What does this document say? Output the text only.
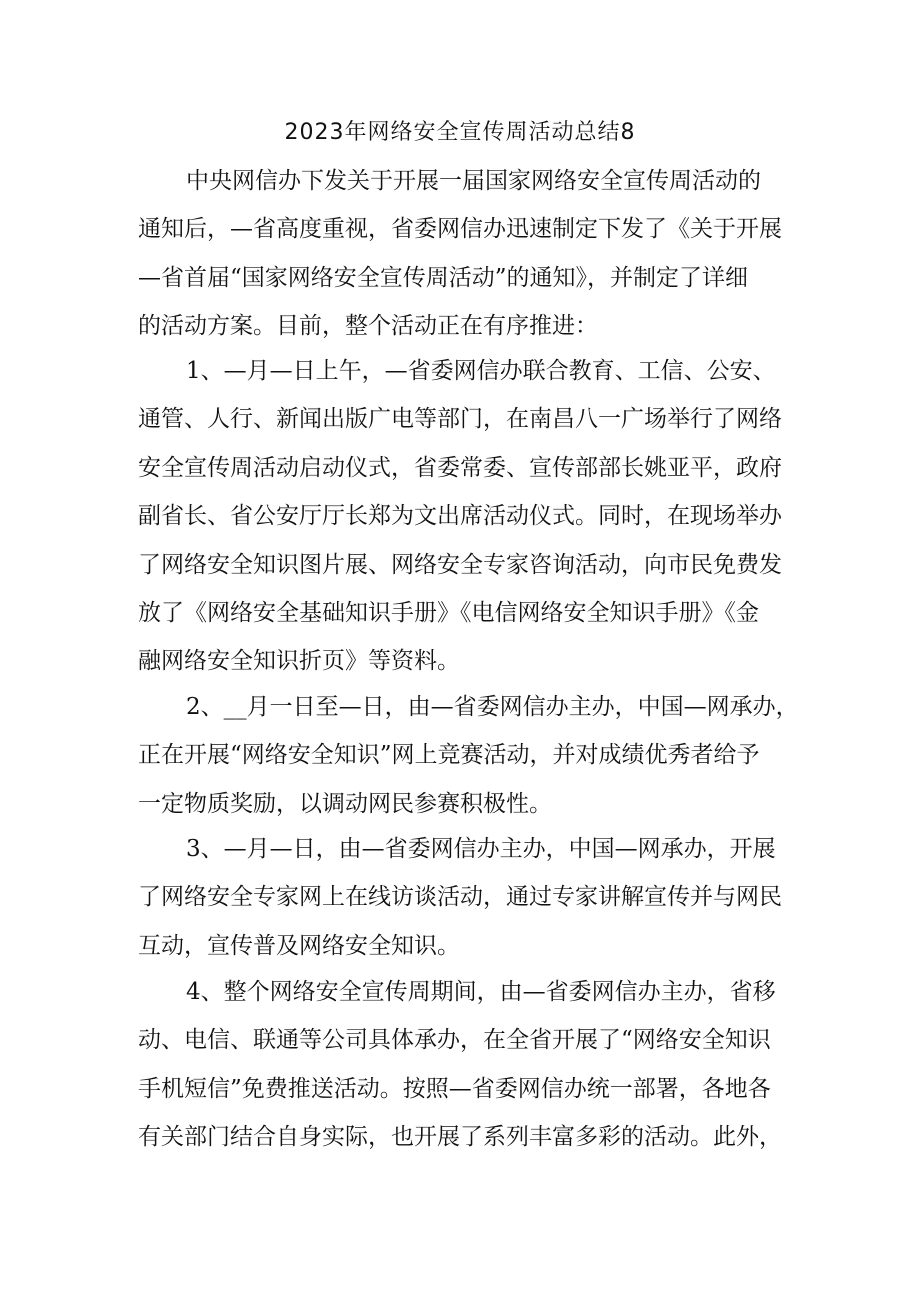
2023年网络安全宣传周活动总结8
中央网信办下发关于开展一届国家网络安全宣传周活动的
通知后，—省高度重视，省委网信办迅速制定下发了《关于开展
—省首届“国家网络安全宣传周活动”的通知》，并制定了详细
的活动方案。目前，整个活动正在有序推进：
1、—月—日上午，—省委网信办联合教育、工信、公安、
通管、人行、新闻出版广电等部门，在南昌八一广场举行了网络
安全宣传周活动启动仪式，省委常委、宣传部部长姚亚平，政府
副省长、省公安厅厅长郑为文出席活动仪式。同时，在现场举办
了网络安全知识图片展、网络安全专家咨询活动，向市民免费发
放了《网络安全基础知识手册》《电信网络安全知识手册》《金
融网络安全知识折页》等资料。
2、__月一日至—日，由—省委网信办主办，中国—网承办，
正在开展“网络安全知识”网上竞赛活动，并对成绩优秀者给予
一定物质奖励，以调动网民参赛积极性。
3、—月—日，由—省委网信办主办，中国—网承办，开展
了网络安全专家网上在线访谈活动，通过专家讲解宣传并与网民
互动，宣传普及网络安全知识。
4、整个网络安全宣传周期间，由—省委网信办主办，省移
动、电信、联通等公司具体承办，在全省开展了“网络安全知识
手机短信”免费推送活动。按照—省委网信办统一部署，各地各
有关部门结合自身实际，也开展了系列丰富多彩的活动。此外，
